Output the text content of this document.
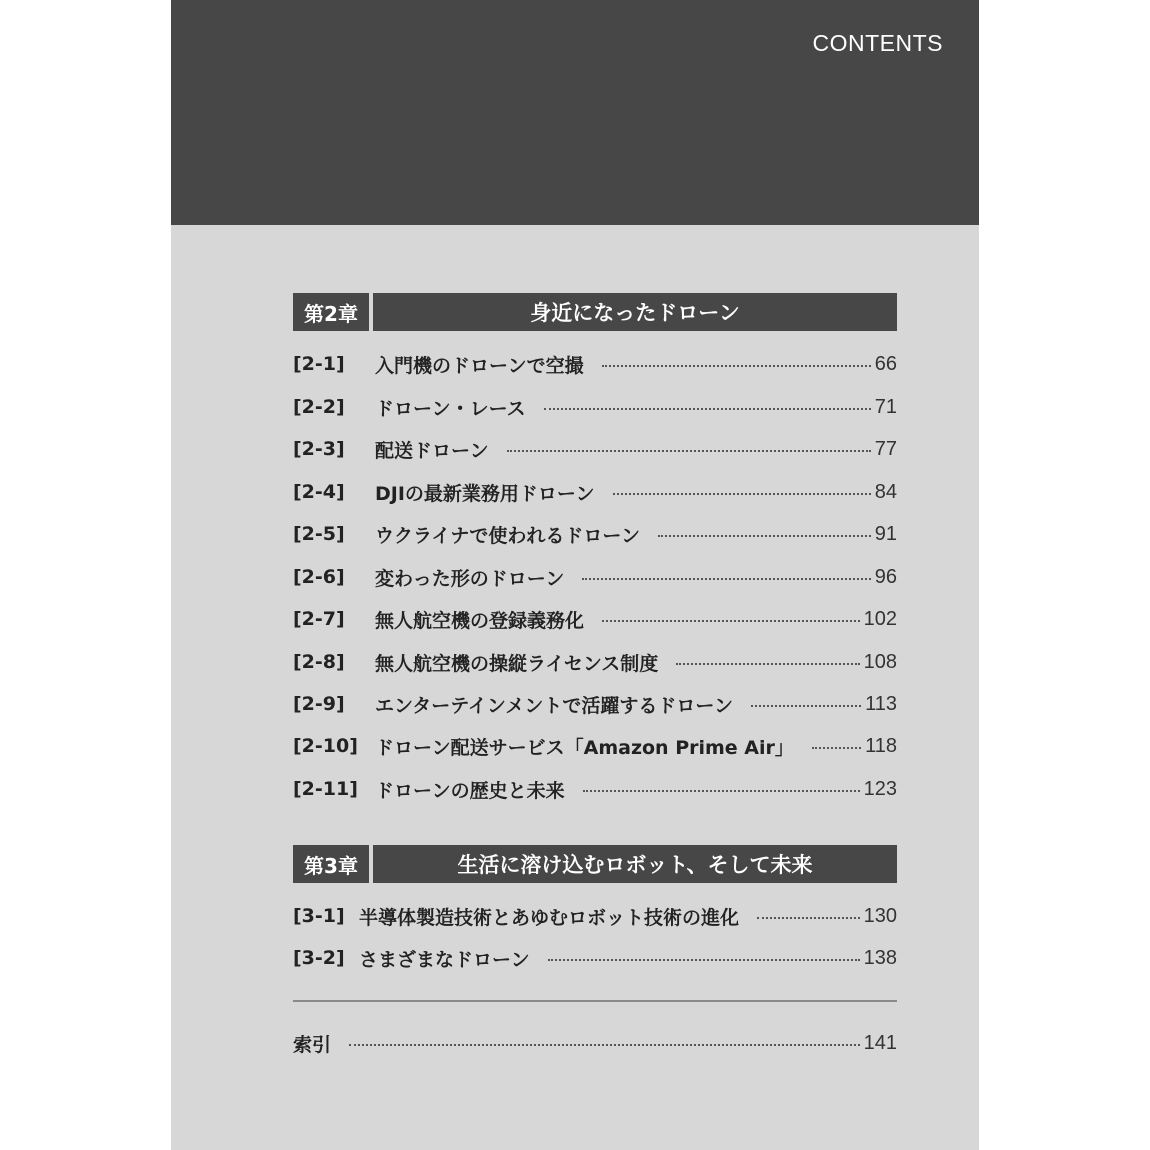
CONTENTS
第2章	身近になったドローン
[2-1]	入門機のドローンで空撮	66
[2-2]	ドローン・レース	71
[2-3]	配送ドローン	77
[2-4]	DJIの最新業務用ドローン	84
[2-5]	ウクライナで使われるドローン	91
[2-6]	変わった形のドローン	96
[2-7]	無人航空機の登録義務化	102
[2-8]	無人航空機の操縦ライセンス制度	108
[2-9]	エンターテインメントで活躍するドローン	113
[2-10] ドローン配送サービス「Amazon Prime Air」	118
[2-11] ドローンの歴史と未来	123
第3章	生活に溶け込むロボット、そして未来
[3-1] 半導体製造技術とあゆむロボット技術の進化	130
[3-2] さまざまなドローン	138
索引	141
